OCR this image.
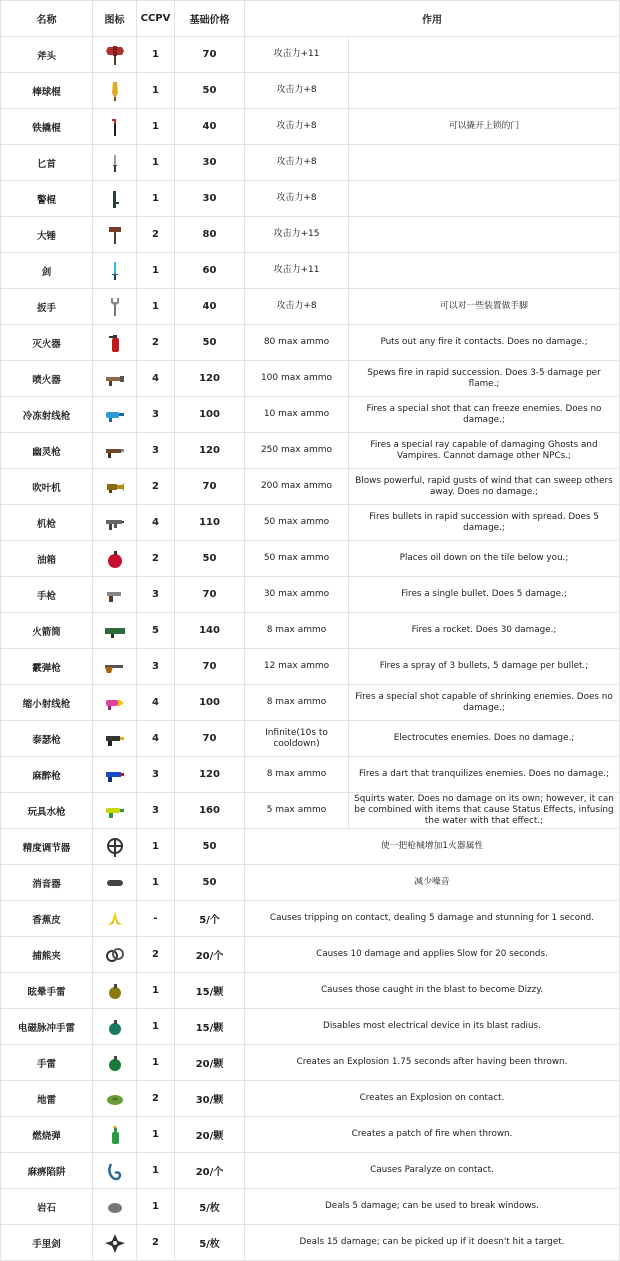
名称	图标	CCPV	基础价格	作用	
斧头		1	70	攻击力+11	
棒球棍		1	50	攻击力+8	
铁撬棍		1	40	攻击力+8	可以撬开上锁的门
匕首		1	30	攻击力+8	
警棍		1	30	攻击力+8	
大锤		2	80	攻击力+15	
剑		1	60	攻击力+11	
扳手		1	40	攻击力+8	可以对一些装置做手脚
灭火器		2	50	80 max ammo	Puts out any fire it contacts. Does no damage.;
喷火器		4	120	100 max ammo	Spews fire in rapid succession. Does 3-5 damage per flame.;
冷冻射线枪		3	100	10 max ammo	Fires a special shot that can freeze enemies. Does no damage.;
幽灵枪		3	120	250 max ammo	Fires a special ray capable of damaging Ghosts and Vampires. Cannot damage other NPCs.;
吹叶机		2	70	200 max ammo	Blows powerful, rapid gusts of wind that can sweep others away. Does no damage.;
机枪		4	110	50 max ammo	Fires bullets in rapid succession with spread. Does 5 damage.;
油箱		2	50	50 max ammo	Places oil down on the tile below you.;
手枪		3	70	30 max ammo	Fires a single bullet. Does 5 damage.;
火箭筒		5	140	8 max ammo	Fires a rocket. Does 30 damage.;
霰弹枪		3	70	12 max ammo	Fires a spray of 3 bullets, 5 damage per bullet.;
缩小射线枪		4	100	8 max ammo	Fires a special shot capable of shrinking enemies. Does no damage.;
泰瑟枪		4	70	Infinite(10s to cooldown)	Electrocutes enemies. Does no damage.;
麻醉枪		3	120	8 max ammo	Fires a dart that tranquilizes enemies. Does no damage.;
玩具水枪		3	160	5 max ammo	Squirts water. Does no damage on its own; however, it can be combined with items that cause Status Effects, infusing the water with that effect.;
精度调节器		1	50	使一把枪械增加1火器属性	
消音器		1	50	减少噪音	
香蕉皮		-	5/个	Causes tripping on contact, dealing 5 damage and stunning for 1 second.	
捕熊夹		2	20/个	Causes 10 damage and applies Slow for 20 seconds.	
眩晕手雷		1	15/颗	Causes those caught in the blast to become Dizzy.	
电磁脉冲手雷		1	15/颗	Disables most electrical device in its blast radius.	
手雷		1	20/颗	Creates an Explosion 1.75 seconds after having been thrown.	
地雷		2	30/颗	Creates an Explosion on contact.	
燃烧弹		1	20/颗	Creates a patch of fire when thrown.	
麻痹陷阱		1	20/个	Causes Paralyze on contact.	
岩石		1	5/枚	Deals 5 damage; can be used to break windows.	
手里剑		2	5/枚	Deals 15 damage; can be picked up if it doesn't hit a target.	
